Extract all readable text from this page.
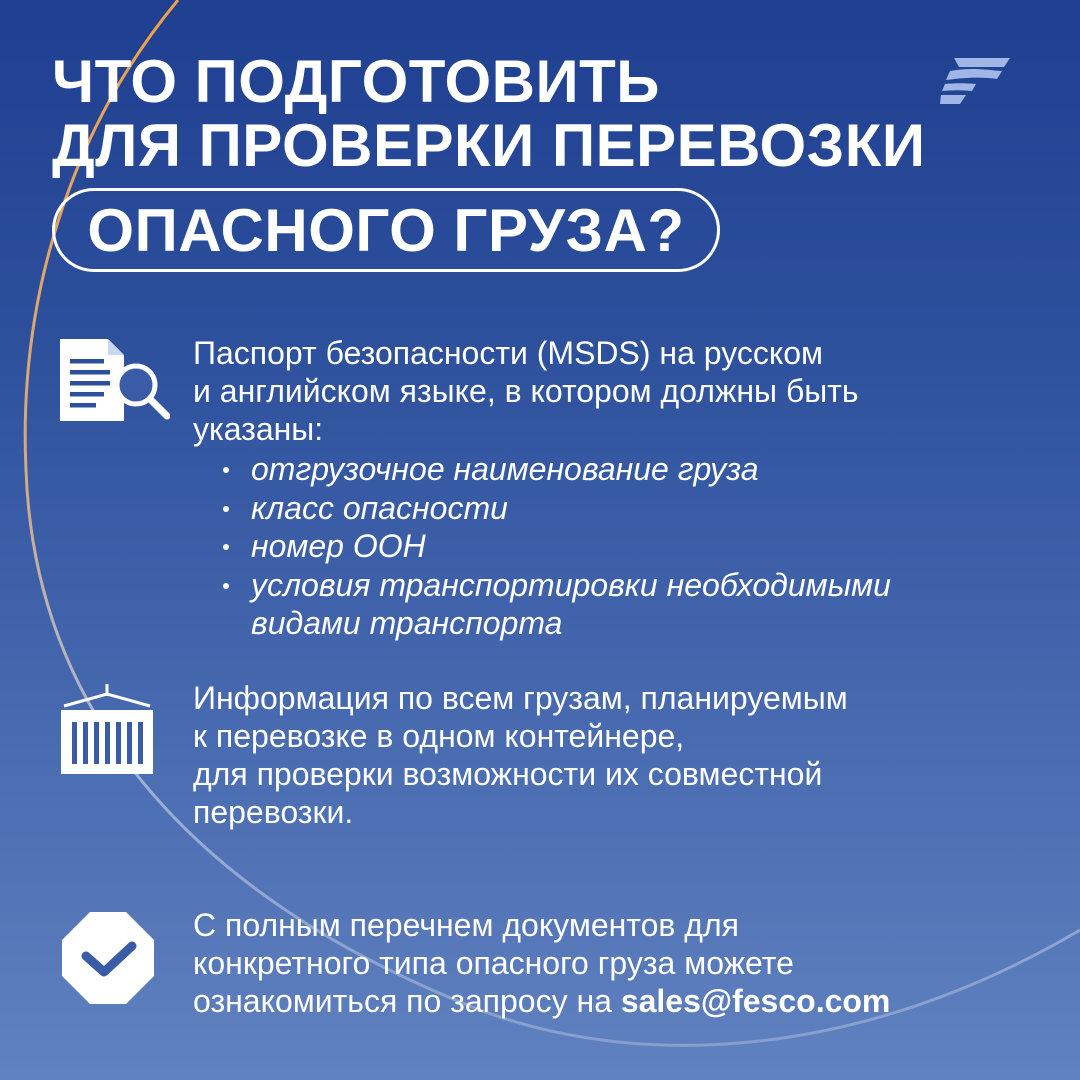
ЧТО ПОДГОТОВИТЬ
ДЛЯ ПРОВЕРКИ ПЕРЕВОЗКИ
ОПАСНОГО ГРУЗА?

Паспорт безопасности (MSDS) на русском

и английском языке, в котором должны быть

указаны:

отгрузочное наименование груза
класс опасности
номер ООН
условия транспортировки необходимыми
видами транспорта

Информация по всем грузам, планируемым

к перевозке в одном контейнере,

для проверки возможности их совместной

перевозки.

С полным перечнем документов для

конкретного типа опасного груза можете

ознакомиться по запросу на sales@fesco.com
